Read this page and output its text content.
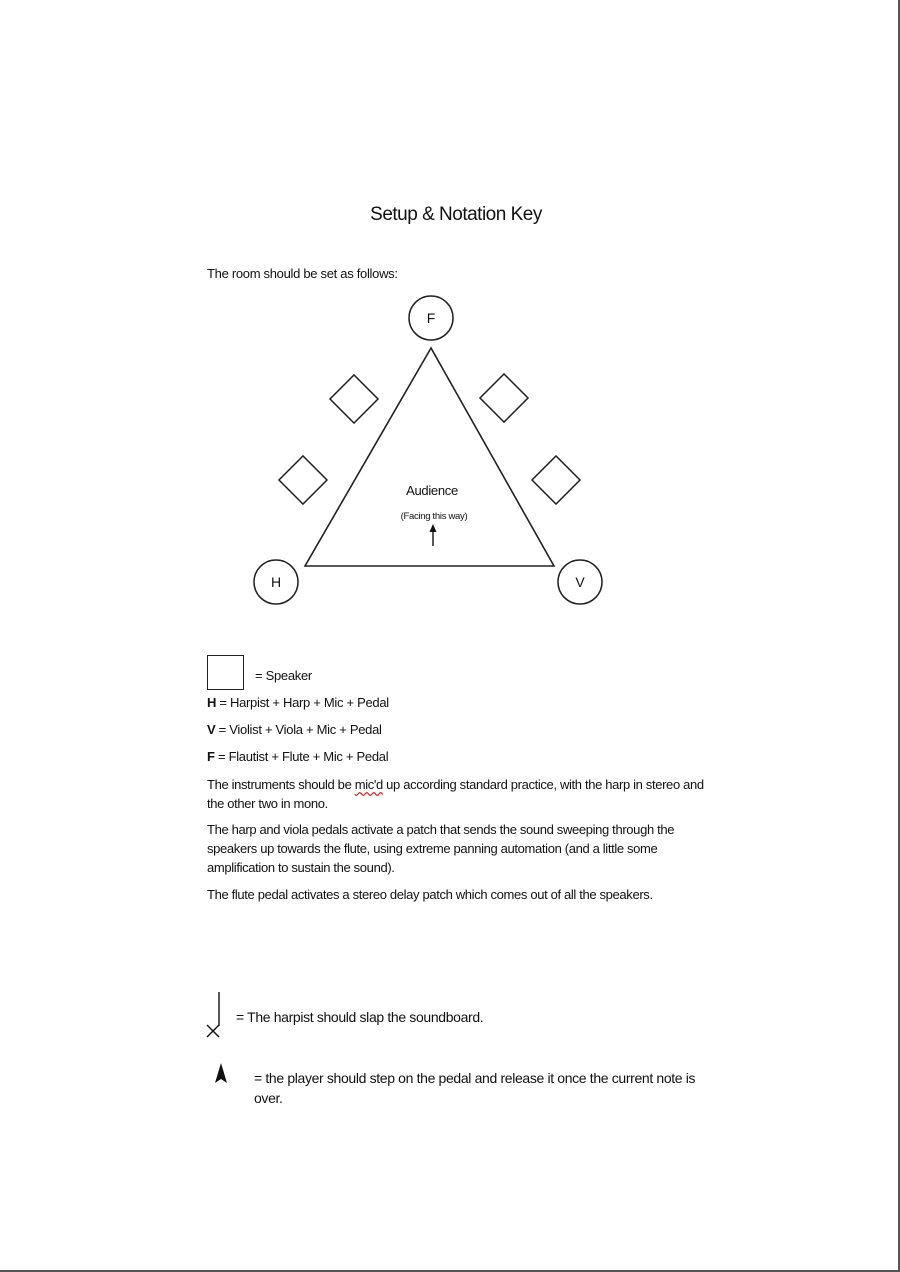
Setup & Notation Key
The room should be set as follows:
F
H	V
Audience
(Facing this way)
= Speaker
H = Harpist + Harp + Mic + Pedal
V = Violist + Viola + Mic + Pedal
F = Flautist + Flute + Mic + Pedal
The instruments should be mic'd up according standard practice, with the harp in stereo and the other two in mono.
The harp and viola pedals activate a patch that sends the sound sweeping through the speakers up towards the flute, using extreme panning automation (and a little some amplification to sustain the sound).
The flute pedal activates a stereo delay patch which comes out of all the speakers.
= The harpist should slap the soundboard.
= the player should step on the pedal and release it once the current note is over.
